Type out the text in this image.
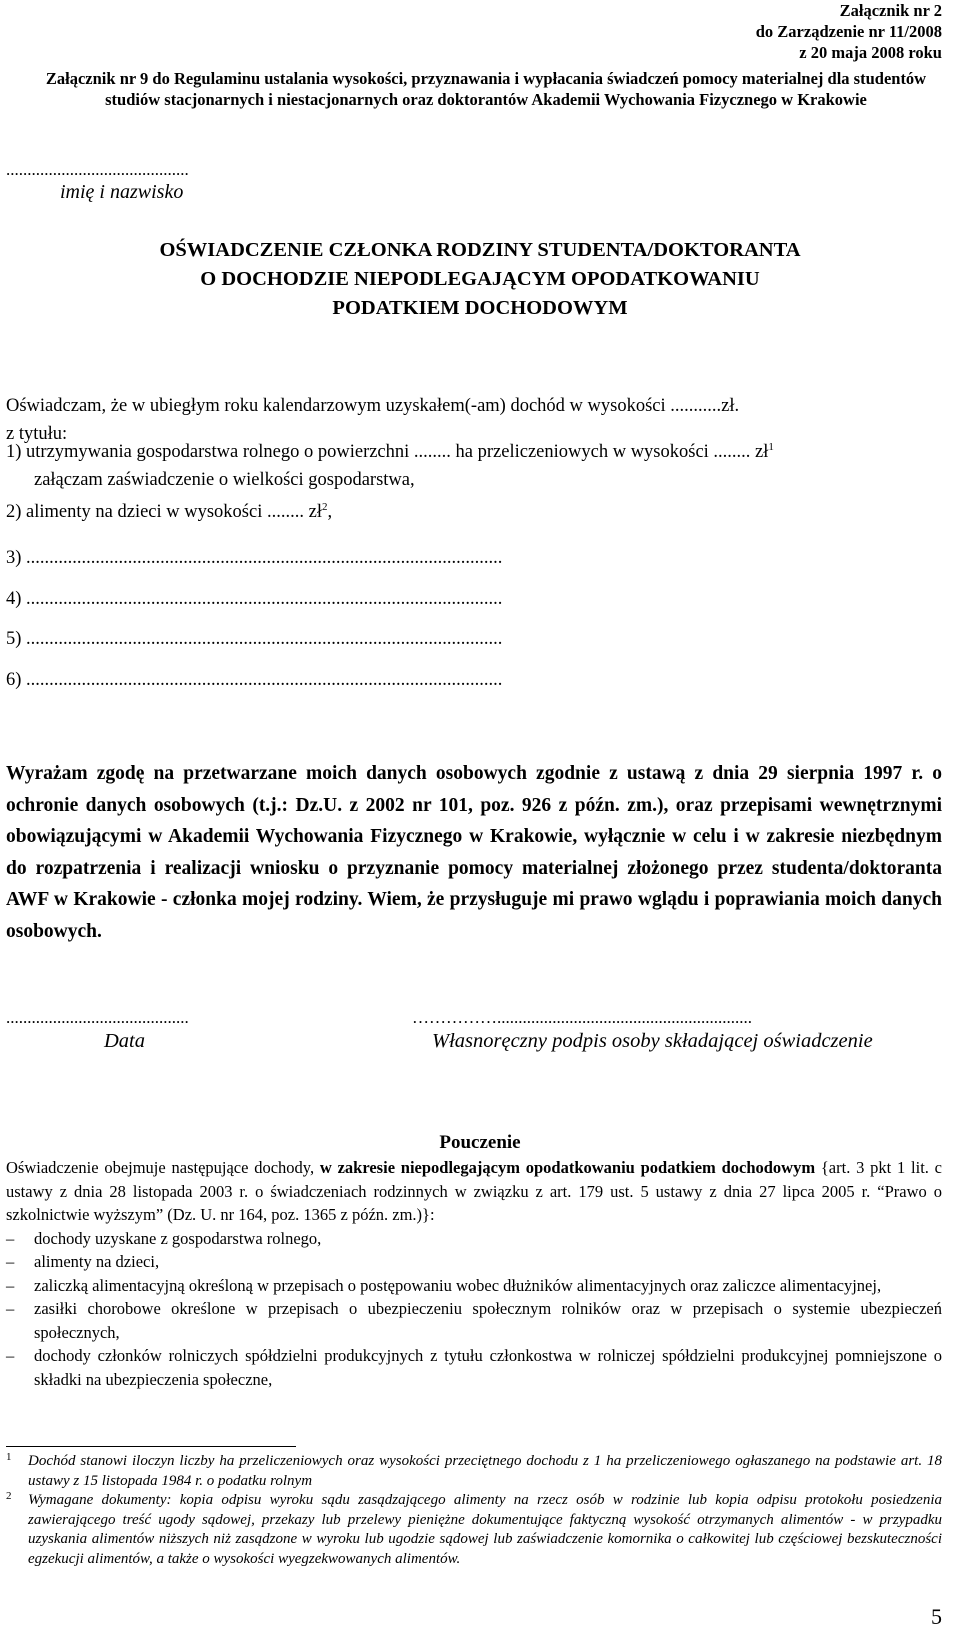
Załącznik nr 2
do Zarządzenie nr 11/2008
z 20 maja 2008 roku
Załącznik nr 9 do Regulaminu ustalania wysokości, przyznawania i wypłacania świadczeń pomocy materialnej dla studentów
studiów stacjonarnych i niestacjonarnych oraz doktorantów Akademii Wychowania Fizycznego w Krakowie
...........................................
imię i nazwisko
OŚWIADCZENIE CZŁONKA RODZINY STUDENTA/DOKTORANTA
O DOCHODZIE NIEPODLEGAJĄCYM OPODATKOWANIU
PODATKIEM DOCHODOWYM
Oświadczam, że w ubiegłym roku kalendarzowym uzyskałem(-am) dochód w wysokości ...........zł.
z tytułu:
1) utrzymywania gospodarstwa rolnego o powierzchni ........ ha przeliczeniowych w wysokości ........ $zł^1$
załączam zaświadczenie o wielkości gospodarstwa,
2) alimenty na dzieci w wysokości ........ $zł^2$,
3) .......................................................................................................
4) .......................................................................................................
5) .......................................................................................................
6) .......................................................................................................
Wyrażam zgodę na przetwarzane moich danych osobowych zgodnie z ustawą z dnia 29 sierpnia 1997 r. o ochronie danych osobowych (t.j.: Dz.U. z 2002 nr 101, poz. 926 z późn. zm.), oraz przepisami wewnętrznymi obowiązującymi w Akademii Wychowania Fizycznego w Krakowie, wyłącznie w celu i w zakresie niezbędnym do rozpatrzenia i realizacji wniosku o przyznanie pomocy materialnej złożonego przez studenta/doktoranta AWF w Krakowie - członka mojej rodziny. Wiem, że przysługuje mi prawo wglądu i poprawiania moich danych osobowych.
...........................................	……………............................................................
Data	Własnoręczny podpis osoby składającej oświadczenie
Pouczenie

Oświadczenie obejmuje następujące dochody, w zakresie niepodlegającym opodatkowaniu podatkiem dochodowym {art. 3 pkt 1 lit. c ustawy z dnia 28 listopada 2003 r. o świadczeniach rodzinnych w związku z art. 179 ust. 5 ustawy z dnia 27 lipca 2005 r. “Prawo o szkolnictwie wyższym” (Dz. U. nr 164, poz. 1365 z późn. zm.)}:

– dochody uzyskane z gospodarstwa rolnego,
– alimenty na dzieci,
– zaliczką alimentacyjną określoną w przepisach o postępowaniu wobec dłużników alimentacyjnych oraz zaliczce alimentacyjnej,
– zasiłki chorobowe określone w przepisach o ubezpieczeniu społecznym rolników oraz w przepisach o systemie ubezpieczeń społecznych,
– dochody członków rolniczych spółdzielni produkcyjnych z tytułu członkostwa w rolniczej spółdzielni produkcyjnej pomniejszone o składki na ubezpieczenia społeczne,
1 Dochód stanowi iloczyn liczby ha przeliczeniowych oraz wysokości przeciętnego dochodu z 1 ha przeliczeniowego ogłaszanego na podstawie art. 18 ustawy z 15 listopada 1984 r. o podatku rolnym
2 Wymagane dokumenty: kopia odpisu wyroku sądu zasądzającego alimenty na rzecz osób w rodzinie lub kopia odpisu protokołu posiedzenia zawierającego treść ugody sądowej, przekazy lub przelewy pieniężne dokumentujące faktyczną wysokość otrzymanych alimentów - w przypadku uzyskania alimentów niższych niż zasądzone w wyroku lub ugodzie sądowej lub zaświadczenie komornika o całkowitej lub częściowej bezskuteczności egzekucji alimentów, a także o wysokości wyegzekwowanych alimentów.
5
